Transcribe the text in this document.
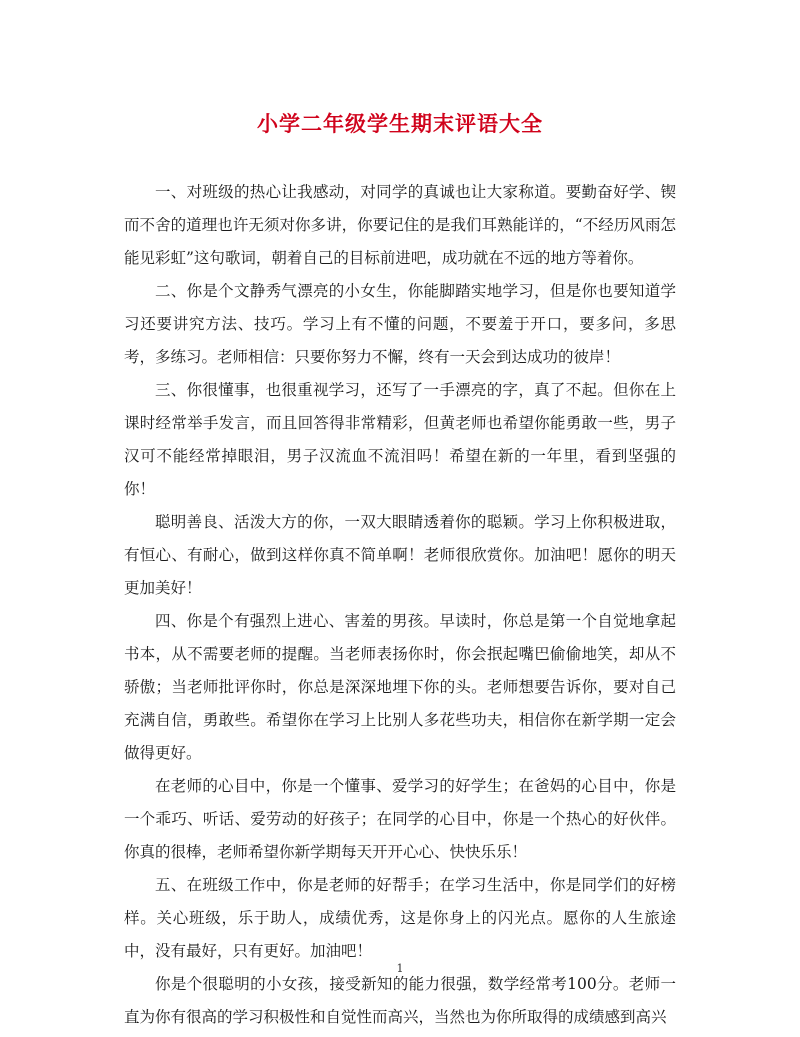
小学二年级学生期末评语大全

一、对班级的热心让我感动，对同学的真诚也让大家称道。要勤奋好学、锲而不舍的道理也许无须对你多讲，你要记住的是我们耳熟能详的，“不经历风雨怎能见彩虹”这句歌词，朝着自己的目标前进吧，成功就在不远的地方等着你。

二、你是个文静秀气漂亮的小女生，你能脚踏实地学习，但是你也要知道学习还要讲究方法、技巧。学习上有不懂的问题，不要羞于开口，要多问，多思考，多练习。老师相信：只要你努力不懈，终有一天会到达成功的彼岸！

三、你很懂事，也很重视学习，还写了一手漂亮的字，真了不起。但你在上课时经常举手发言，而且回答得非常精彩，但黄老师也希望你能勇敢一些，男子汉可不能经常掉眼泪，男子汉流血不流泪吗！希望在新的一年里，看到坚强的你！

聪明善良、活泼大方的你，一双大眼睛透着你的聪颖。学习上你积极进取，有恒心、有耐心，做到这样你真不简单啊！老师很欣赏你。加油吧！愿你的明天更加美好！

四、你是个有强烈上进心、害羞的男孩。早读时，你总是第一个自觉地拿起书本，从不需要老师的提醒。当老师表扬你时，你会抿起嘴巴偷偷地笑，却从不骄傲；当老师批评你时，你总是深深地埋下你的头。老师想要告诉你，要对自己充满自信，勇敢些。希望你在学习上比别人多花些功夫，相信你在新学期一定会做得更好。

在老师的心目中，你是一个懂事、爱学习的好学生；在爸妈的心目中，你是一个乖巧、听话、爱劳动的好孩子；在同学的心目中，你是一个热心的好伙伴。你真的很棒，老师希望你新学期每天开开心心、快快乐乐！

五、在班级工作中，你是老师的好帮手；在学习生活中，你是同学们的好榜样。关心班级，乐于助人，成绩优秀，这是你身上的闪光点。愿你的人生旅途中，没有最好，只有更好。加油吧！

你是个很聪明的小女孩，接受新知的能力很强，数学经常考100分。老师一直为你有很高的学习积极性和自觉性而高兴，当然也为你所取得的成绩感到高兴

1
